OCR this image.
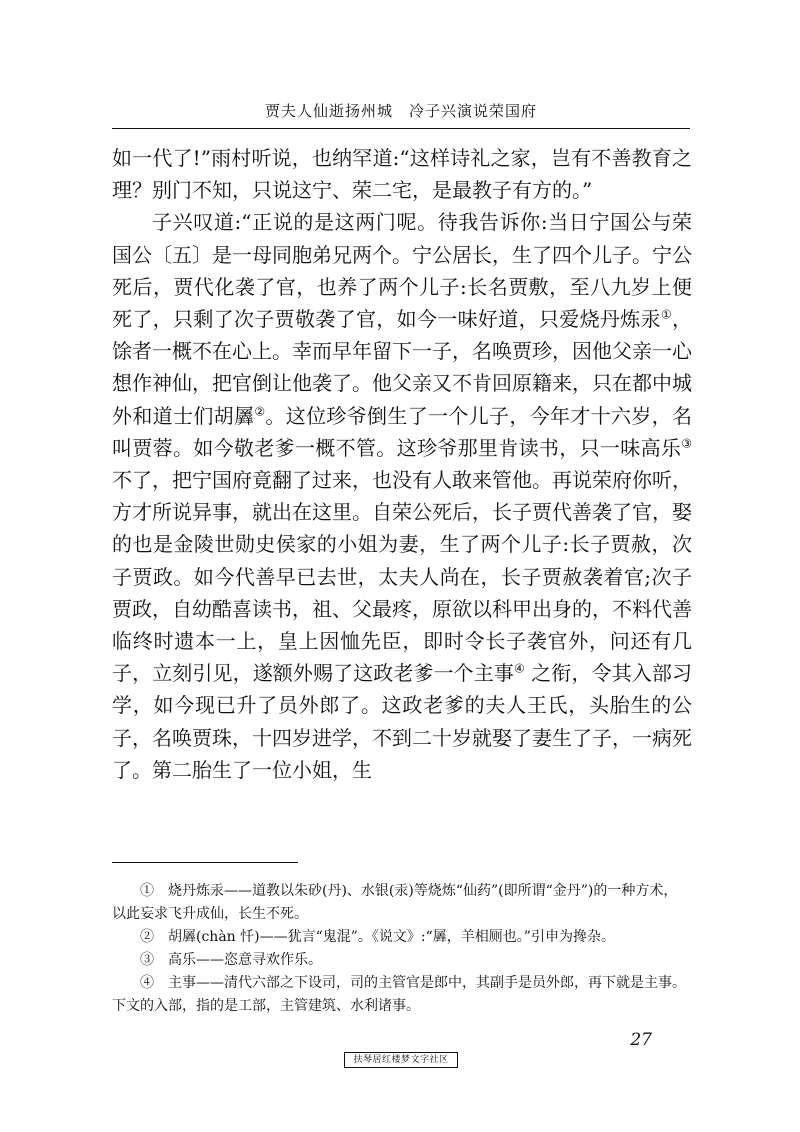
贾夫人仙逝扬州城　冷子兴演说荣国府

如一代了!”雨村听说，也纳罕道:“这样诗礼之家，岂有不善教育之理？别门不知，只说这宁、荣二宅，是最教子有方的。”

子兴叹道:“正说的是这两门呢。待我告诉你:当日宁国公与荣国公〔五〕是一母同胞弟兄两个。宁公居长，生了四个儿子。宁公死后，贾代化袭了官，也养了两个儿子:长名贾敷，至八九岁上便死了，只剩了次子贾敬袭了官，如今一味好道，只爱烧丹炼汞①，馀者一概不在心上。幸而早年留下一子，名唤贾珍，因他父亲一心想作神仙，把官倒让他袭了。他父亲又不肯回原籍来，只在都中城外和道士们胡羼②。这位珍爷倒生了一个儿子，今年才十六岁，名叫贾蓉。如今敬老爹一概不管。这珍爷那里肯读书，只一味高乐③ 不了，把宁国府竟翻了过来，也没有人敢来管他。再说荣府你听，方才所说异事，就出在这里。自荣公死后，长子贾代善袭了官，娶的也是金陵世勋史侯家的小姐为妻，生了两个儿子:长子贾赦，次子贾政。如今代善早已去世，太夫人尚在，长子贾赦袭着官;次子贾政，自幼酷喜读书，祖、父最疼，原欲以科甲出身的，不料代善临终时遗本一上，皇上因恤先臣，即时令长子袭官外，问还有几子，立刻引见，遂额外赐了这政老爹一个主事④ 之衔，令其入部习学，如今现已升了员外郎了。这政老爹的夫人王氏，头胎生的公子，名唤贾珠，十四岁进学，不到二十岁就娶了妻生了子，一病死了。第二胎生了一位小姐，生

①　烧丹炼汞——道教以朱砂(丹)、水银(汞)等烧炼“仙药”(即所谓“金丹”)的一种方术，以此妄求飞升成仙，长生不死。

②　胡羼(chàn 忏)——犹言“鬼混”。《说文》:“羼，羊相厕也。”引申为搀杂。

③　高乐——恣意寻欢作乐。

④　主事——清代六部之下设司，司的主管官是郎中，其副手是员外郎，再下就是主事。下文的入部，指的是工部，主管建筑、水利诸事。

27
扶琴居红楼梦文字社区
